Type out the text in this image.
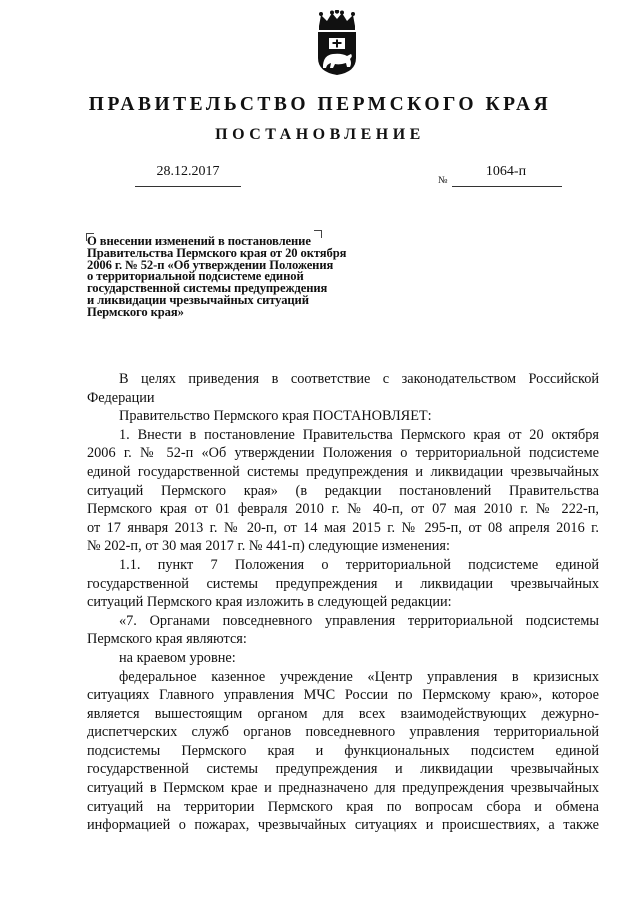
ПРАВИТЕЛЬСТВО ПЕРМСКОГО КРАЯ
ПОСТАНОВЛЕНИЕ
28.12.2017
№
1064-п
О внесении изменений в постановление
Правительства Пермского края от 20 октября
2006 г. № 52-п «Об утверждении Положения
о территориальной подсистеме единой
государственной системы предупреждения
и ликвидации чрезвычайных ситуаций
Пермского края»
В целях приведения в соответствие с законодательством Российской
Федерации
Правительство Пермского края ПОСТАНОВЛЯЕТ:
1. Внести в постановление Правительства Пермского края от 20 октября
2006 г. № 52-п «Об утверждении Положения о территориальной подсистеме
единой государственной системы предупреждения и ликвидации чрезвычайных
ситуаций Пермского края» (в редакции постановлений Правительства
Пермского края от 01 февраля 2010 г. № 40-п, от 07 мая 2010 г. № 222-п,
от 17 января 2013 г. № 20-п, от 14 мая 2015 г. № 295-п, от 08 апреля 2016 г.
№ 202-п, от 30 мая 2017 г. № 441-п) следующие изменения:
1.1. пункт 7 Положения о территориальной подсистеме единой
государственной системы предупреждения и ликвидации чрезвычайных
ситуаций Пермского края изложить в следующей редакции:
«7. Органами повседневного управления территориальной подсистемы
Пермского края являются:
на краевом уровне:
федеральное казенное учреждение «Центр управления в кризисных
ситуациях Главного управления МЧС России по Пермскому краю», которое
является вышестоящим органом для всех взаимодействующих дежурно-
диспетчерских служб органов повседневного управления территориальной
подсистемы Пермского края и функциональных подсистем единой
государственной системы предупреждения и ликвидации чрезвычайных
ситуаций в Пермском крае и предназначено для предупреждения чрезвычайных
ситуаций на территории Пермского края по вопросам сбора и обмена
информацией о пожарах, чрезвычайных ситуациях и происшествиях, а также
